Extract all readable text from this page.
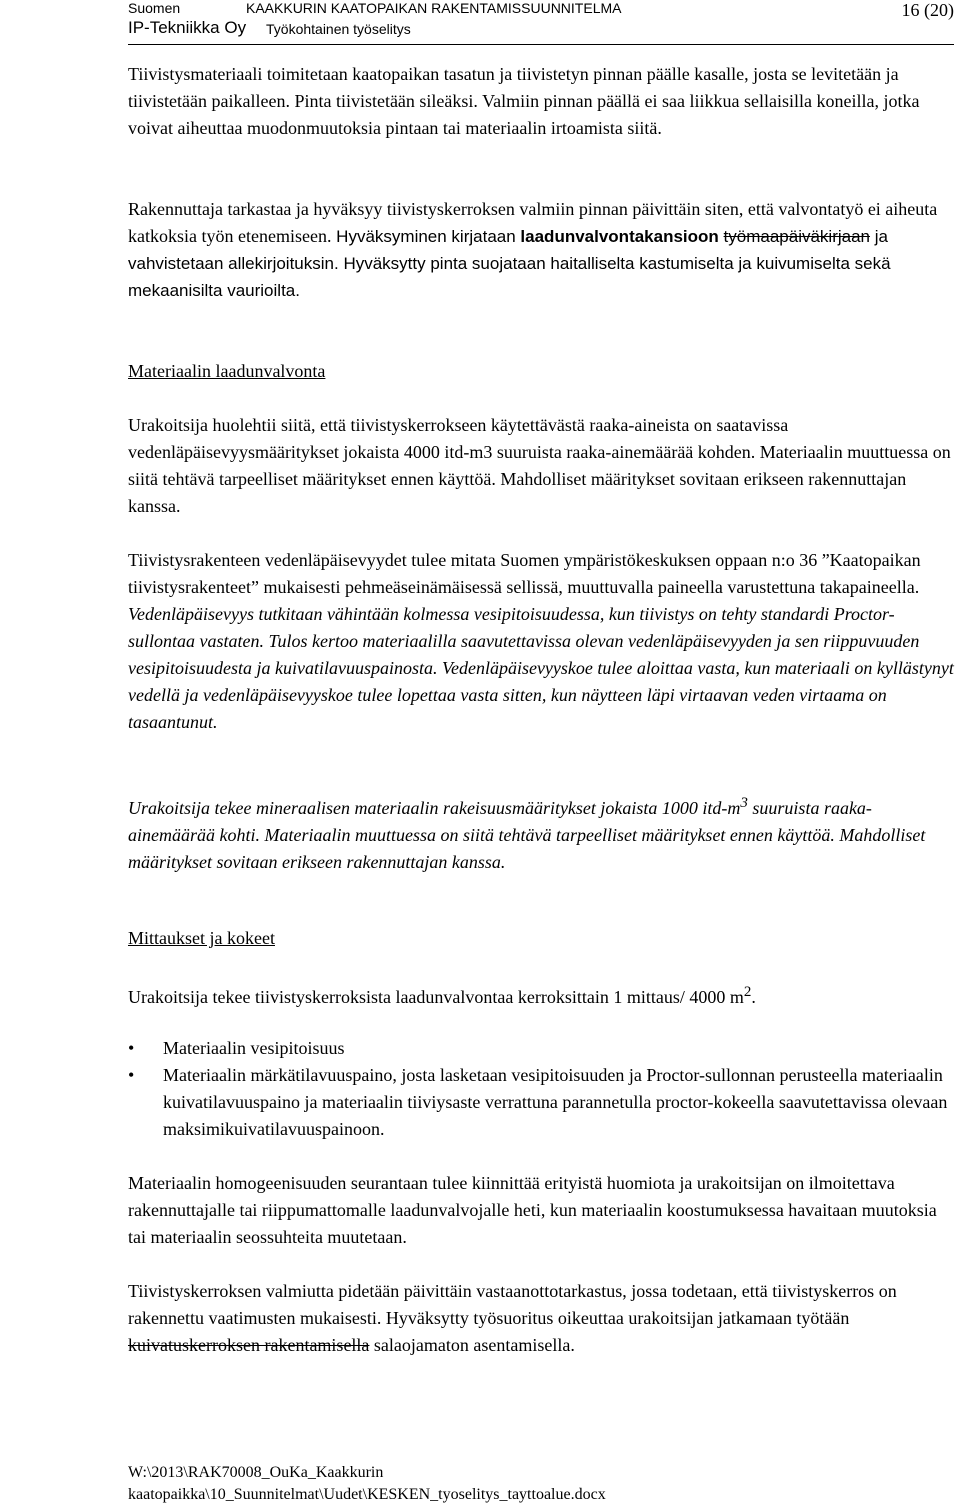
Suomen	KAAKKURIN KAATOPAIKAN RAKENTAMISSUUNNITELMA
IP-Tekniikka Oy Työkohtainen työselitys
16 (20)

Tiivistysmateriaali toimitetaan kaatopaikan tasatun ja tiivistetyn pinnan päälle kasalle, josta se levitetään ja tiivistetään paikalleen. Pinta tiivistetään sileäksi. Valmiin pinnan päällä ei saa liikkua sellaisilla koneilla, jotka voivat aiheuttaa muodonmuutoksia pintaan tai materiaalin irtoamista siitä.

Rakennuttaja tarkastaa ja hyväksyy tiivistyskerroksen valmiin pinnan päivittäin siten, että valvontatyö ei aiheuta katkoksia työn etenemiseen. Hyväksyminen kirjataan laadunvalvontakansioon työmaapäiväkirjaan ja vahvistetaan allekirjoituksin. Hyväksytty pinta suojataan haitalliselta kastumiselta ja kuivumiselta sekä mekaanisilta vaurioilta.

Materiaalin laadunvalvonta

Urakoitsija huolehtii siitä, että tiivistyskerrokseen käytettävästä raaka-aineista on saatavissa vedenläpäisevyysmääritykset jokaista 4000 itd-m3 suuruista raaka-ainemäärää kohden. Materiaalin muuttuessa on siitä tehtävä tarpeelliset määritykset ennen käyttöä. Mahdolliset määritykset sovitaan erikseen rakennuttajan kanssa.

Tiivistysrakenteen vedenläpäisevyydet tulee mitata Suomen ympäristökeskuksen oppaan n:o 36 ”Kaatopaikan tiivistysrakenteet” mukaisesti pehmeäseinämäisessä sellissä, muuttuvalla paineella varustettuna takapaineella. Vedenläpäisevyys tutkitaan vähintään kolmessa vesipitoisuudessa, kun tiivistys on tehty standardi Proctor-sullontaa vastaten. Tulos kertoo materiaalilla saavutettavissa olevan vedenläpäisevyyden ja sen riippuvuuden vesipitoisuudesta ja kuivatilavuuspainosta. Vedenläpäisevyyskoe tulee aloittaa vasta, kun materiaali on kyllästynyt vedellä ja vedenläpäisevyyskoe tulee lopettaa vasta sitten, kun näytteen läpi virtaavan veden virtaama on tasaantunut.

Urakoitsija tekee mineraalisen materiaalin rakeisuusmääritykset jokaista 1000 itd-$m^3$ suuruista raaka-ainemäärää kohti. Materiaalin muuttuessa on siitä tehtävä tarpeelliset määritykset ennen käyttöä. Mahdolliset määritykset sovitaan erikseen rakennuttajan kanssa.

Mittaukset ja kokeet

Urakoitsija tekee tiivistyskerroksista laadunvalvontaa kerroksittain 1 mittaus/ 4000 $m^2$.

• Materiaalin vesipitoisuus
• Materiaalin märkätilavuuspaino, josta lasketaan vesipitoisuuden ja Proctor-sullonnan perusteella materiaalin kuivatilavuuspaino ja materiaalin tiiviysaste verrattuna parannetulla proctor-kokeella saavutettavissa olevaan maksimikuivatilavuuspainoon.

Materiaalin homogeenisuuden seurantaan tulee kiinnittää erityistä huomiota ja urakoitsijan on ilmoitettava rakennuttajalle tai riippumattomalle laadunvalvojalle heti, kun materiaalin koostumuksessa havaitaan muutoksia tai materiaalin seossuhteita muutetaan.

Tiivistyskerroksen valmiutta pidetään päivittäin vastaanottotarkastus, jossa todetaan, että tiivistyskerros on rakennettu vaatimusten mukaisesti. Hyväksytty työsuoritus oikeuttaa urakoitsijan jatkamaan työtään kuivatuskerroksen rakentamisella salaojamaton asentamisella.

W:\2013\RAK70008_OuKa_Kaakkurin
kaatopaikka\10_Suunnitelmat\Uudet\KESKEN_tyoselitys_tayttoalue.docx
